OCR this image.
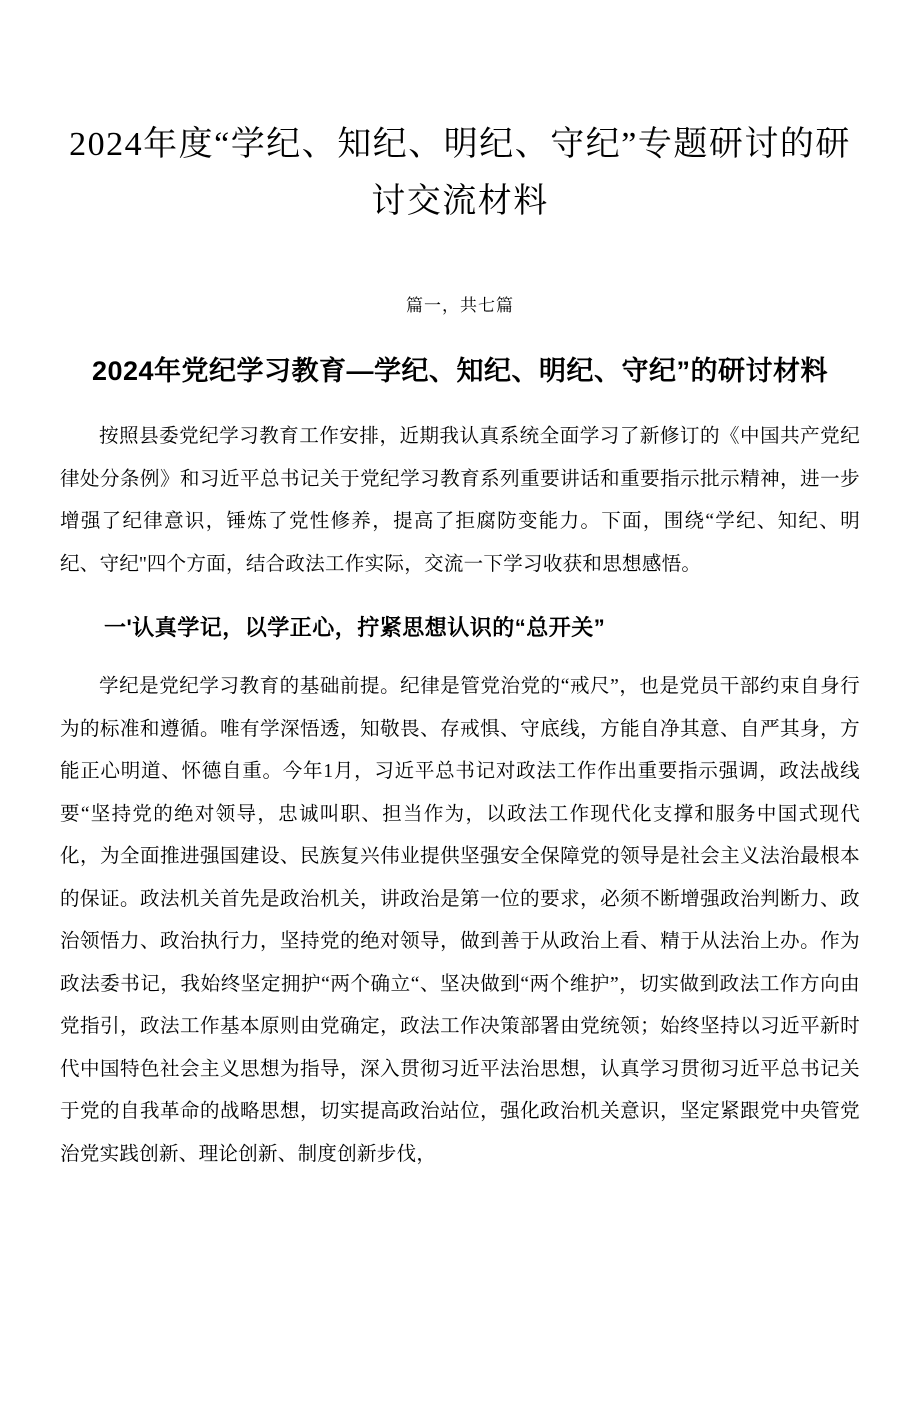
2024年度“学纪、知纪、明纪、守纪”专题研讨的研讨交流材料
篇一，共七篇
2024年党纪学习教育—学纪、知纪、明纪、守纪”的研讨材料

按照县委党纪学习教育工作安排，近期我认真系统全面学习了新修订的《中国共产党纪律处分条例》和习近平总书记关于党纪学习教育系列重要讲话和重要指示批示精神，进一步增强了纪律意识，锤炼了党性修养，提高了拒腐防变能力。下面，围绕“学纪、知纪、明纪、守纪''四个方面，结合政法工作实际，交流一下学习收获和思想感悟。

一'认真学记，以学正心，拧紧思想认识的“总开关”

学纪是党纪学习教育的基础前提。纪律是管党治党的“戒尺”，也是党员干部约束自身行为的标准和遵循。唯有学深悟透，知敬畏、存戒惧、守底线，方能自净其意、自严其身，方能正心明道、怀德自重。今年1月，习近平总书记对政法工作作出重要指示强调，政法战线要“坚持党的绝对领导，忠诚叫职、担当作为，以政法工作现代化支撑和服务中国式现代化，为全面推进强国建设、民族复兴伟业提供坚强安全保障党的领导是社会主义法治最根本的保证。政法机关首先是政治机关，讲政治是第一位的要求，必须不断增强政治判断力、政治领悟力、政治执行力，坚持党的绝对领导，做到善于从政治上看、精于从法治上办。作为政法委书记，我始终坚定拥护“两个确立“、坚决做到“两个维护”，切实做到政法工作方向由党指引，政法工作基本原则由党确定，政法工作决策部署由党统领；始终坚持以习近平新时代中国特色社会主义思想为指导，深入贯彻习近平法治思想，认真学习贯彻习近平总书记关于党的自我革命的战略思想，切实提高政治站位，强化政治机关意识，坚定紧跟党中央管党治党实践创新、理论创新、制度创新步伐，
